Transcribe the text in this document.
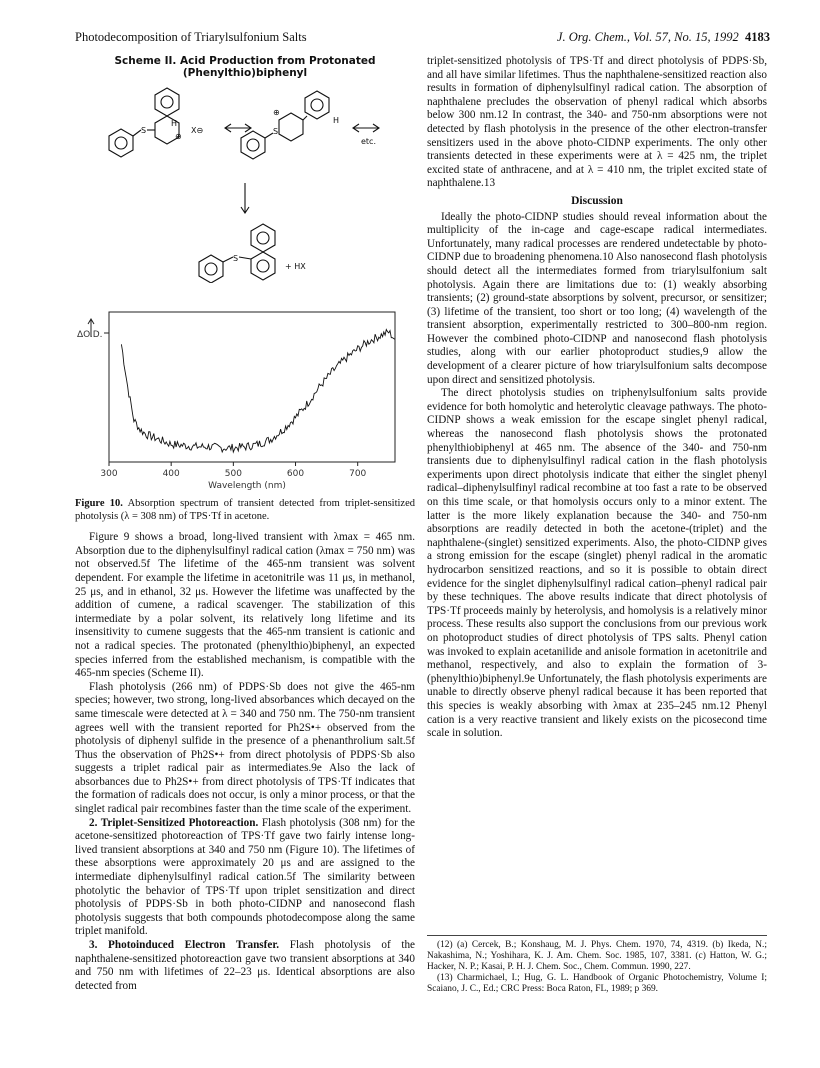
Photodecomposition of Triarylsulfonium Salts	J. Org. Chem., Vol. 57, No. 15, 1992 4183
Scheme II. Acid Production from Protonated (Phenylthio)biphenyl
S
H
⊕
X⊖	S
⊕
H
etc.
S
+ HX

ΔO.D.
300	400	500	600	700
Wavelength (nm)
Figure 10. Absorption spectrum of transient detected from triplet-sensitized photolysis (λ = 308 nm) of TPS·Tf in acetone.

Figure 9 shows a broad, long-lived transient with λmax = 465 nm. Absorption due to the diphenylsulfinyl radical cation (λmax = 750 nm) was not observed.5f The lifetime of the 465-nm transient was solvent dependent. For example the lifetime in acetonitrile was 11 μs, in methanol, 25 μs, and in ethanol, 32 μs. However the lifetime was unaffected by the addition of cumene, a radical scavenger. The stabilization of this intermediate by a polar solvent, its relatively long lifetime and its insensitivity to cumene suggests that the 465-nm transient is cationic and not a radical species. The protonated (phenylthio)biphenyl, an expected species inferred from the established mechanism, is compatible with the 465-nm species (Scheme II).

Flash photolysis (266 nm) of PDPS·Sb does not give the 465-nm species; however, two strong, long-lived absorbances which decayed on the same timescale were detected at λ = 340 and 750 nm. The 750-nm transient agrees well with the transient reported for Ph2S•+ observed from the photolysis of diphenyl sulfide in the presence of a phenanthrolium salt.5f Thus the observation of Ph2S•+ from direct photolysis of PDPS·Sb also suggests a triplet radical pair as intermediates.9e Also the lack of absorbances due to Ph2S•+ from direct photolysis of TPS·Tf indicates that the formation of radicals does not occur, is only a minor process, or that the singlet radical pair recombines faster than the time scale of the experiment.

2. Triplet-Sensitized Photoreaction. Flash photolysis (308 nm) for the acetone-sensitized photoreaction of TPS·Tf gave two fairly intense long-lived transient absorptions at 340 and 750 nm (Figure 10). The lifetimes of these absorptions were approximately 20 μs and are assigned to the intermediate diphenylsulfinyl radical cation.5f The similarity between photolytic the behavior of TPS·Tf upon triplet sensitization and direct photolysis of PDPS·Sb in both photo-CIDNP and nanosecond flash photolysis suggests that both compounds photodecompose along the same triplet manifold.

3. Photoinduced Electron Transfer. Flash photolysis of the naphthalene-sensitized photoreaction gave two transient absorptions at 340 and 750 nm with lifetimes of 22–23 μs. Identical absorptions are also detected from

triplet-sensitized photolysis of TPS·Tf and direct photolysis of PDPS·Sb, and all have similar lifetimes. Thus the naphthalene-sensitized reaction also results in formation of diphenylsulfinyl radical cation. The absorption of naphthalene precludes the observation of phenyl radical which absorbs below 300 nm.12 In contrast, the 340- and 750-nm absorptions were not detected by flash photolysis in the presence of the other electron-transfer sensitizers used in the above photo-CIDNP experiments. The only other transients detected in these experiments were at λ = 425 nm, the triplet excited state of anthracene, and at λ = 410 nm, the triplet excited state of naphthalene.13

Discussion

Ideally the photo-CIDNP studies should reveal information about the multiplicity of the in-cage and cage-escape radical intermediates. Unfortunately, many radical processes are rendered undetectable by photo-CIDNP due to broadening phenomena.10 Also nanosecond flash photolysis should detect all the intermediates formed from triarylsulfonium salt photolysis. Again there are limitations due to: (1) weakly absorbing transients; (2) ground-state absorptions by solvent, precursor, or sensitizer; (3) lifetime of the transient, too short or too long; (4) wavelength of the transient absorption, experimentally restricted to 300–800-nm region. However the combined photo-CIDNP and nanosecond flash photolysis studies, along with our earlier photoproduct studies,9 allow the development of a clearer picture of how triarylsulfonium salts decompose upon direct and sensitized photolysis.

The direct photolysis studies on triphenylsulfonium salts provide evidence for both homolytic and heterolytic cleavage pathways. The photo-CIDNP shows a weak emission for the escape singlet phenyl radical, whereas the nanosecond flash photolysis shows the protonated phenylthiobiphenyl at 465 nm. The absence of the 340- and 750-nm transients due to diphenylsulfinyl radical cation in the flash photolysis experiments upon direct photolysis indicate that either the singlet phenyl radical–diphenylsulfinyl radical recombine at too fast a rate to be observed on this time scale, or that homolysis occurs only to a minor extent. The latter is the more likely explanation because the 340- and 750-nm absorptions are readily detected in both the acetone-(triplet) and the naphthalene-(singlet) sensitized experiments. Also, the photo-CIDNP gives a strong emission for the escape (singlet) phenyl radical in the aromatic hydrocarbon sensitized reactions, and so it is possible to obtain direct evidence for the singlet diphenylsulfinyl radical cation–phenyl radical pair by these techniques. The above results indicate that direct photolysis of TPS·Tf proceeds mainly by heterolysis, and homolysis is a relatively minor process. These results also support the conclusions from our previous work on photoproduct studies of direct photolysis of TPS salts. Phenyl cation was invoked to explain acetanilide and anisole formation in acetonitrile and methanol, respectively, and also to explain the formation of 3-(phenylthio)biphenyl.9e Unfortunately, the flash photolysis experiments are unable to directly observe phenyl radical because it has been reported that this species is weakly absorbing with λmax at 235–245 nm.12 Phenyl cation is a very reactive transient and likely exists on the picosecond time scale in solution.

(12) (a) Cercek, B.; Konshaug, M. J. Phys. Chem. 1970, 74, 4319. (b) Ikeda, N.; Nakashima, N.; Yoshihara, K. J. Am. Chem. Soc. 1985, 107, 3381. (c) Hatton, W. G.; Hacker, N. P.; Kasai, P. H. J. Chem. Soc., Chem. Commun. 1990, 227.

(13) Charmichael, I.; Hug, G. L. Handbook of Organic Photochemistry, Volume I; Scaiano, J. C., Ed.; CRC Press: Boca Raton, FL, 1989; p 369.
